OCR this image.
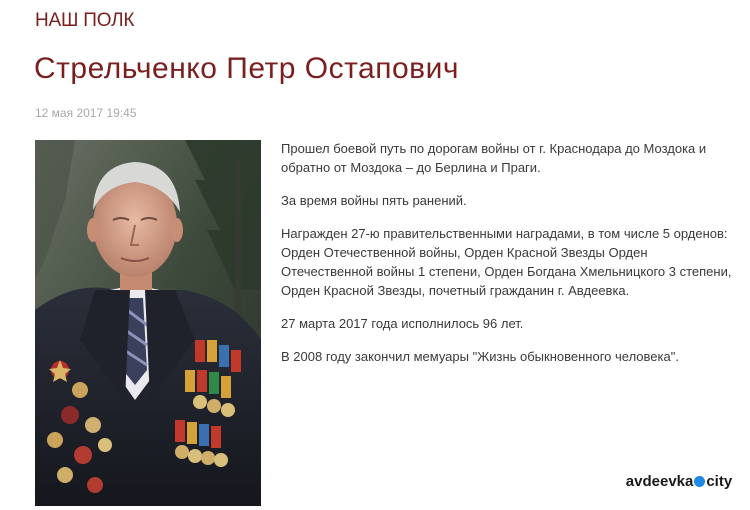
НАШ ПОЛК
Стрельченко Петр Остапович
12 мая 2017 19:45

Прошел боевой путь по дорогам войны от г. Краснодара до Моздока и обратно от Моздока – до Берлина и Праги.

За время войны пять ранений.

Награжден 27-ю правительственными наградами, в том числе 5 орденов: Орден Отечественной войны, Орден Красной Звезды Орден Отечественной войны 1 степени, Орден Богдана Хмельницкого 3 степени, Орден Красной Звезды, почетный гражданин г. Авдеевка.

27 марта 2017 года исполнилось 96 лет.

В 2008 году закончил мемуары "Жизнь обыкновенного человека".

avdeevka city
